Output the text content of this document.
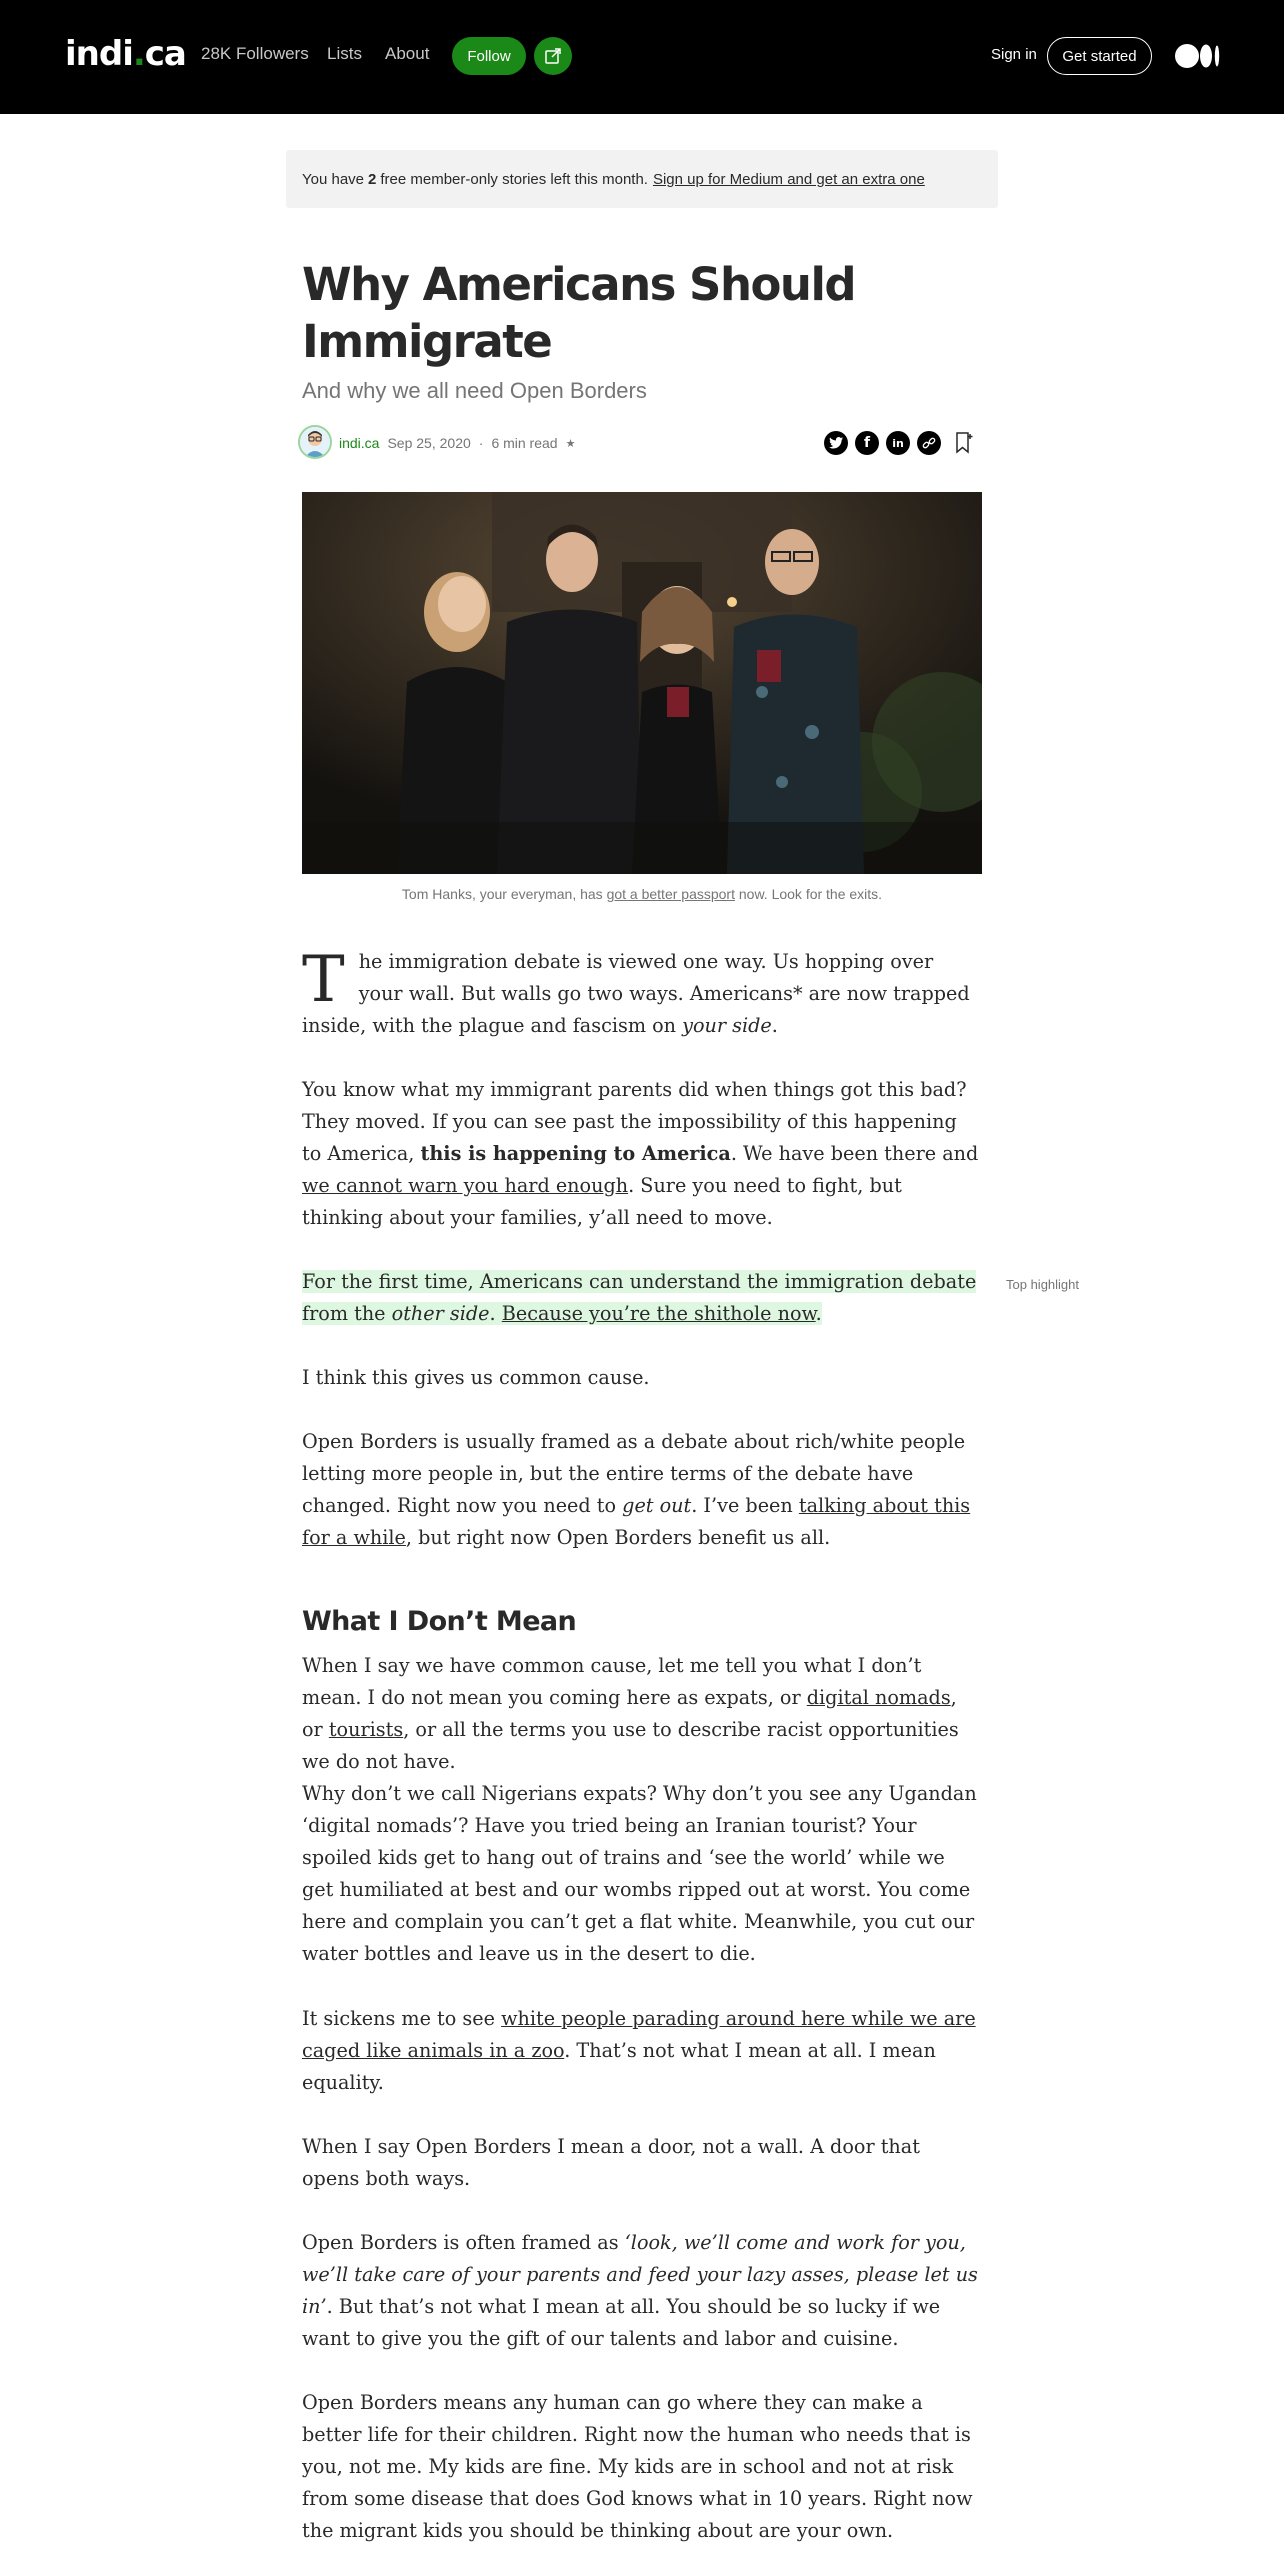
indi.ca 28K Followers Lists About	Follow	Sign in	Get started
You have 2 free member-only stories left this month. Sign up for Medium and get an extra one
Why Americans Should Immigrate
And why we all need Open Borders
indi.ca Sep 25, 2020 · 6 min read ★	f in
Tom Hanks, your everyman, has got a better passport now. Look for the exits.
The immigration debate is viewed one way. Us hopping over your wall. But walls go two ways. Americans* are now trapped inside, with the plague and fascism on your side.
You know what my immigrant parents did when things got this bad? They moved. If you can see past the impossibility of this happening to America, this is happening to America. We have been there and we cannot warn you hard enough. Sure you need to fight, but thinking about your families, y’all need to move.
For the first time, Americans can understand the immigration debate from the other side. Because you’re the shithole now.
Top highlight
I think this gives us common cause.
Open Borders is usually framed as a debate about rich/white people letting more people in, but the entire terms of the debate have changed. Right now you need to get out. I’ve been talking about this for a while, but right now Open Borders benefit us all.
What I Don’t Mean
When I say we have common cause, let me tell you what I don’t mean. I do not mean you coming here as expats, or digital nomads, or tourists, or all the terms you use to describe racist opportunities we do not have.
Why don’t we call Nigerians expats? Why don’t you see any Ugandan ‘digital nomads’? Have you tried being an Iranian tourist? Your spoiled kids get to hang out of trains and ‘see the world’ while we get humiliated at best and our wombs ripped out at worst. You come here and complain you can’t get a flat white. Meanwhile, you cut our water bottles and leave us in the desert to die.
It sickens me to see white people parading around here while we are caged like animals in a zoo. That’s not what I mean at all. I mean equality.
When I say Open Borders I mean a door, not a wall. A door that opens both ways.
Open Borders is often framed as ‘look, we’ll come and work for you, we’ll take care of your parents and feed your lazy asses, please let us in’. But that’s not what I mean at all. You should be so lucky if we want to give you the gift of our talents and labor and cuisine.
Open Borders means any human can go where they can make a better life for their children. Right now the human who needs that is you, not me. My kids are fine. My kids are in school and not at risk from some disease that does God knows what in 10 years. Right now the migrant kids you should be thinking about are your own.
